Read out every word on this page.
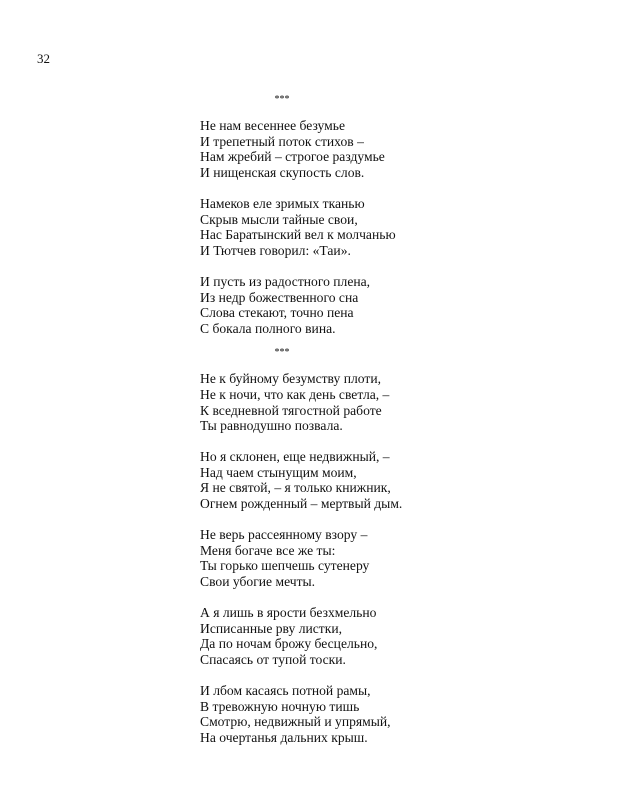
32
***
Не нам весеннее безумье
И трепетный поток стихов –
Нам жребий – строгое раздумье
И нищенская скупость слов.
Намеков еле зримых тканью
Скрыв мысли тайные свои,
Нас Баратынский вел к молчанью
И Тютчев говорил: «Таи».
И пусть из радостного плена,
Из недр божественного сна
Слова стекают, точно пена
С бокала полного вина.
***
Не к буйному безумству плоти,
Не к ночи, что как день светла, –
К вседневной тягостной работе
Ты равнодушно позвала.
Но я склонен, еще недвижный, –
Над чаем стынущим моим,
Я не святой, – я только книжник,
Огнем рожденный – мертвый дым.
Не верь рассеянному взору –
Меня богаче все же ты:
Ты горько шепчешь сутенеру
Свои убогие мечты.
А я лишь в ярости безхмельно
Исписанные рву листки,
Да по ночам брожу бесцельно,
Спасаясь от тупой тоски.
И лбом касаясь потной рамы,
В тревожную ночную тишь
Смотрю, недвижный и упрямый,
На очертанья дальних крыш.
